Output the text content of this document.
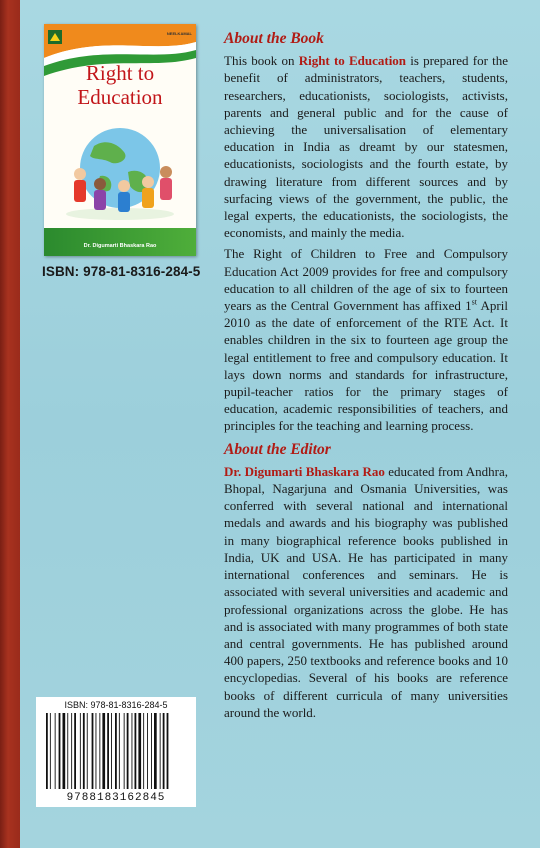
NEELKAMAL
Right to
Education
Dr. Digumarti Bhaskara Rao
ISBN: 978-81-8316-284-5
About the Book

This book on Right to Education is prepared for the benefit of administrators, teachers, students, researchers, educationists, sociologists, activists, parents and general public and for the cause of achieving the universalisation of elementary education in India as dreamt by our statesmen, educationists, sociologists and the fourth estate, by drawing literature from different sources and by surfacing views of the government, the public, the legal experts, the educationists, the sociologists, the economists, and mainly the media.

The Right of Children to Free and Compulsory Education Act 2009 provides for free and compulsory education to all children of the age of six to fourteen years as the Central Government has affixed 1st April 2010 as the date of enforcement of the RTE Act. It enables children in the six to fourteen age group the legal entitlement to free and compulsory education. It lays down norms and standards for infrastructure, pupil-teacher ratios for the primary stages of education, academic responsibilities of teachers, and principles for the teaching and learning process.

About the Editor

Dr. Digumarti Bhaskara Rao educated from Andhra, Bhopal, Nagarjuna and Osmania Universities, was conferred with several national and international medals and awards and his biography was published in many biographical reference books published in India, UK and USA. He has participated in many international conferences and seminars. He is associated with several universities and academic and professional organizations across the globe. He has and is associated with many programmes of both state and central governments. He has published around 400 papers, 250 textbooks and reference books and 10 encyclopedias. Several of his books are reference books of different curricula of many universities around the world.

ISBN: 978-81-8316-284-5
9788183162845
